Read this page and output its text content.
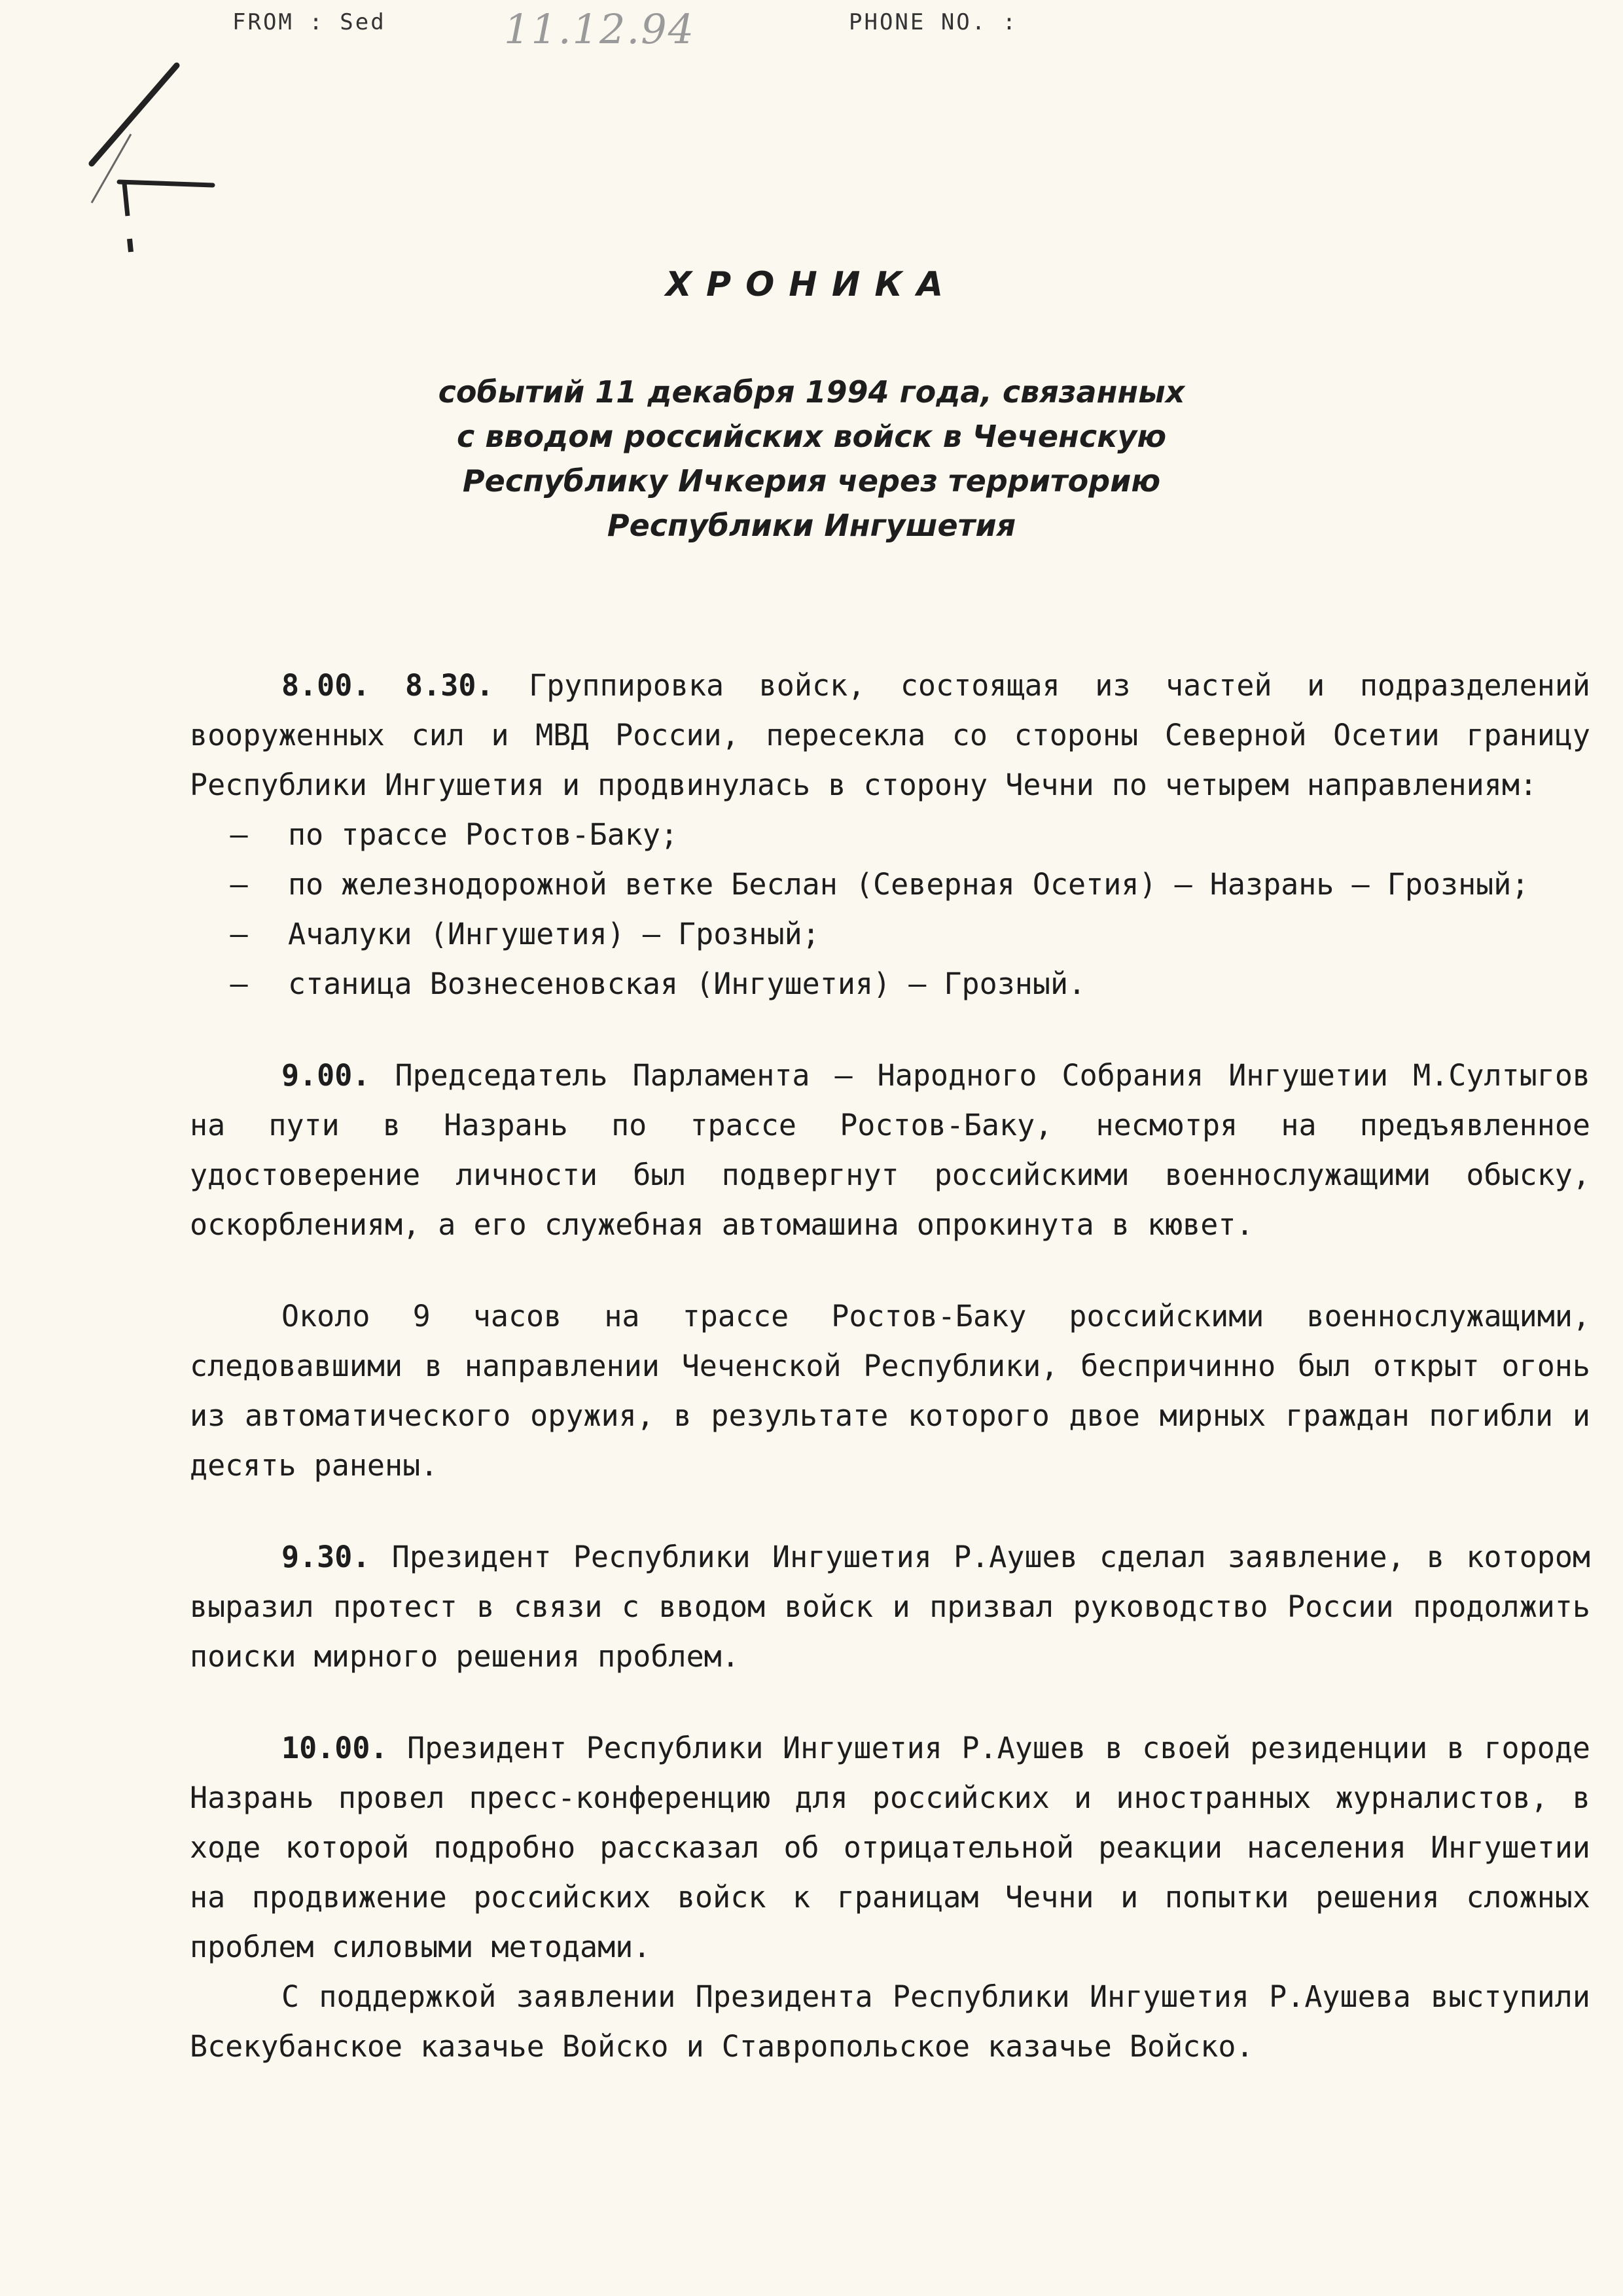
FROM : Sed	PHONE NO. :
11.12.94
ХРОНИКА
событий 11 декабря 1994 года, связанных
с вводом российских войск в Чеченскую
Республику Ичкерия через территорию
Республики Ингушетия

8.00. 8.30. Группировка войск, состоящая из частей и подразделений вооруженных сил и МВД России, пересекла со стороны Северной Осетии границу Республики Ингушетия и продвинулась в сторону Чечни по четырем направлениям:

– по трассе Ростов-Баку;
– по железнодорожной ветке Беслан (Северная Осетия) – Назрань – Грозный;
– Ачалуки (Ингушетия) – Грозный;
– станица Вознесеновская (Ингушетия) – Грозный.

9.00. Председатель Парламента – Народного Собрания Ингушетии М.Султыгов на пути в Назрань по трассе Ростов-Баку, несмотря на предъявленное удостоверение личности был подвергнут российскими военнослужащими обыску, оскорблениям, а его служебная автомашина опрокинута в кювет.

Около 9 часов на трассе Ростов-Баку российскими военнослужащими, следовавшими в направлении Чеченской Республики, беспричинно был открыт огонь из автоматического оружия, в результате которого двое мирных граждан погибли и десять ранены.

9.30. Президент Республики Ингушетия Р.Аушев сделал заявление, в котором выразил протест в связи с вводом войск и призвал руководство России продолжить поиски мирного решения проблем.

10.00. Президент Республики Ингушетия Р.Аушев в своей резиденции в городе Назрань провел пресс-конференцию для российских и иностранных журналистов, в ходе которой подробно рассказал об отрицательной реакции населения Ингушетии на продвижение российских войск к границам Чечни и попытки решения сложных проблем силовыми методами.

С поддержкой заявлении Президента Республики Ингушетия Р.Аушева выступили Всекубанское казачье Войско и Ставропольское казачье Войско.
